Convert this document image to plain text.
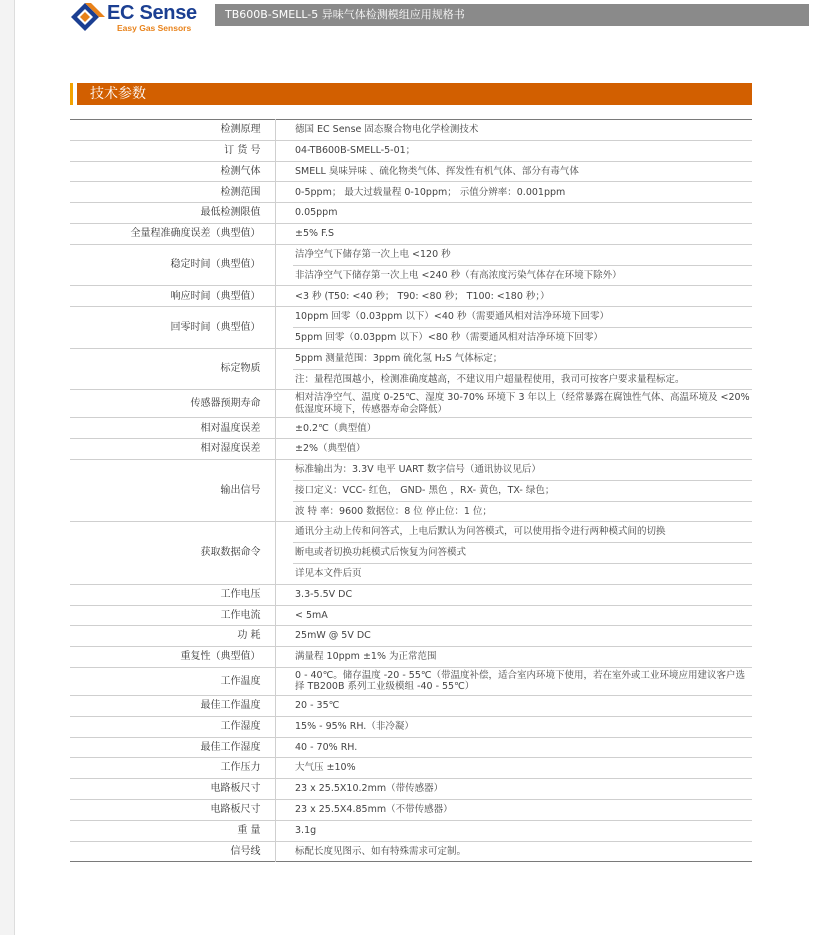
EC Sense
Easy Gas Sensors
TB600B-SMELL-5 异味气体检测模组应用规格书
技术参数
检测原理		德国 EC Sense 固态聚合物电化学检测技术
订 货 号		04-TB600B-SMELL-5-01；
检测气体		SMELL 臭味异味 、硫化物类气体、挥发性有机气体、部分有毒气体
检测范围		0-5ppm； 最大过载量程 0-10ppm； 示值分辨率：0.001ppm
最低检测限值		0.05ppm
全量程准确度误差（典型值）		±5% F.S
稳定时间（典型值）		洁净空气下储存第一次上电 <120 秒
		非洁净空气下储存第一次上电 <240 秒（有高浓度污染气体存在环境下除外）
响应时间（典型值）		<3 秒 (T50: <40 秒； T90: <80 秒； T100: <180 秒；）
回零时间（典型值）		10ppm 回零（0.03ppm 以下）<40 秒（需要通风相对洁净环境下回零）
		5ppm 回零（0.03ppm 以下）<80 秒（需要通风相对洁净环境下回零）
标定物质		5ppm 测量范围：3ppm 硫化氢 H₂S 气体标定；
		注：量程范围越小，检测准确度越高，不建议用户超量程使用，我司可按客户要求量程标定。
传感器预期寿命		相对洁净空气、温度 0-25℃、湿度 30-70% 环境下 3 年以上（经常暴露在腐蚀性气体、高温环境及 <20% 低湿度环境下，传感器寿命会降低）
相对温度误差		±0.2℃（典型值）
相对湿度误差		±2%（典型值）
输出信号		标准输出为：3.3V 电平 UART 数字信号（通讯协议见后）
		接口定义：VCC- 红色， GND- 黑色 ，RX- 黄色，TX- 绿色；
		波 特 率：9600 数据位：8 位 停止位：1 位；
获取数据命令		通讯分主动上传和问答式，上电后默认为问答模式，可以使用指令进行两种模式间的切换
		断电或者切换功耗模式后恢复为问答模式
		详见本文件后页
工作电压		3.3-5.5V DC
工作电流		< 5mA
功 耗		25mW @ 5V DC
重复性（典型值）		满量程 10ppm ±1% 为正常范围
工作温度		0 - 40℃。储存温度 -20 - 55℃（带温度补偿，适合室内环境下使用，若在室外或工业环境应用建议客户选择 TB200B 系列工业级模组 -40 - 55℃）
最佳工作温度		20 - 35℃
工作湿度		15% - 95% RH.（非冷凝）
最佳工作湿度		40 - 70% RH.
工作压力		大气压 ±10%
电路板尺寸		23 x 25.5X10.2mm（带传感器）
电路板尺寸		23 x 25.5X4.85mm（不带传感器）
重 量		3.1g
信号线		标配长度见图示、如有特殊需求可定制。
